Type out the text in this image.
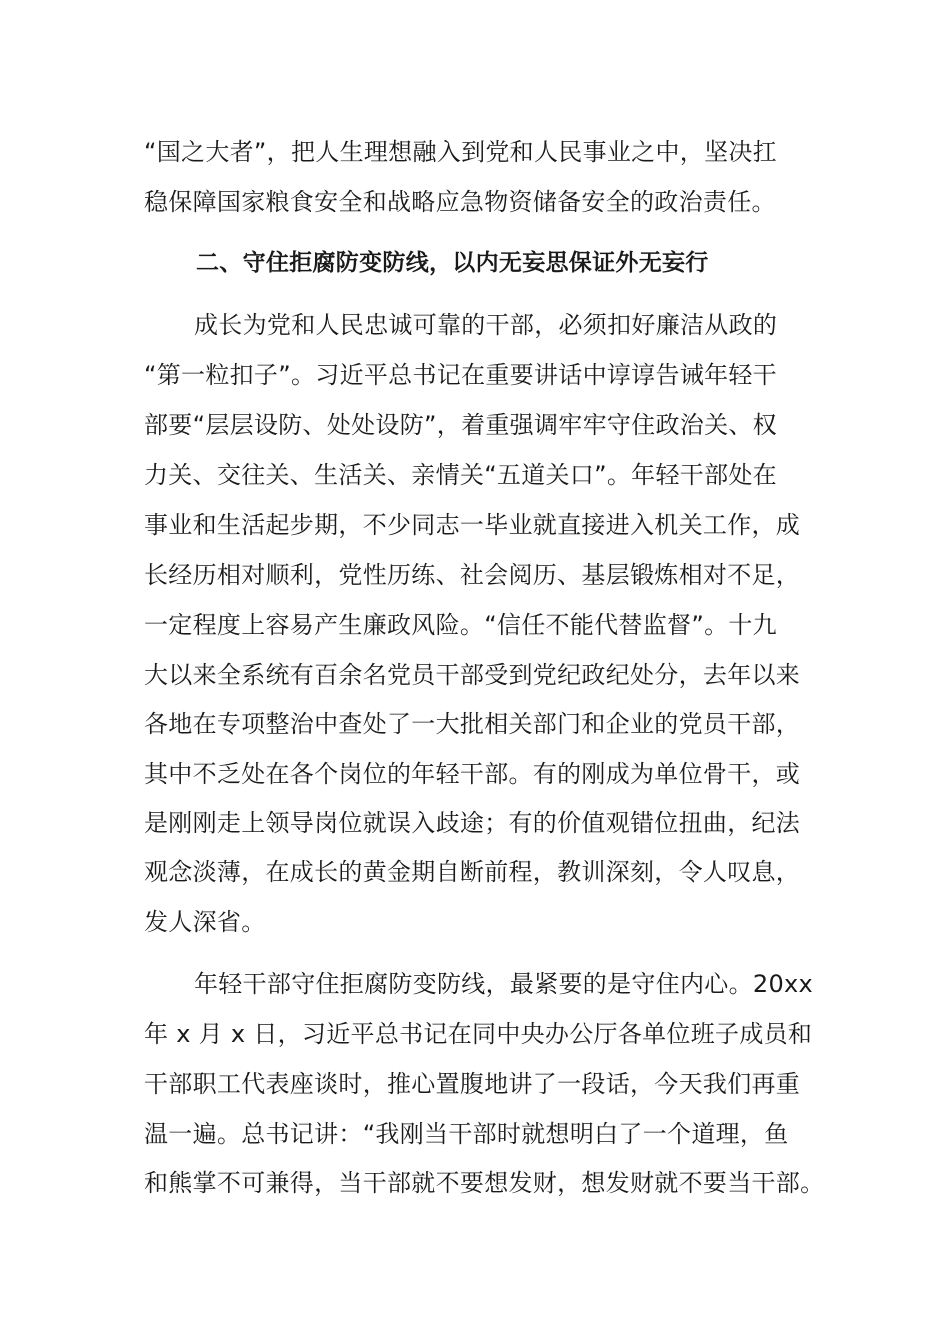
“国之大者”，把人生理想融入到党和人民事业之中，坚决扛
稳保障国家粮食安全和战略应急物资储备安全的政治责任。
二、守住拒腐防变防线，以内无妄思保证外无妄行
成长为党和人民忠诚可靠的干部，必须扣好廉洁从政的
“第一粒扣子”。习近平总书记在重要讲话中谆谆告诫年轻干
部要“层层设防、处处设防”，着重强调牢牢守住政治关、权
力关、交往关、生活关、亲情关“五道关口”。年轻干部处在
事业和生活起步期，不少同志一毕业就直接进入机关工作，成
长经历相对顺利，党性历练、社会阅历、基层锻炼相对不足，
一定程度上容易产生廉政风险。“信任不能代替监督”。十九
大以来全系统有百余名党员干部受到党纪政纪处分，去年以来
各地在专项整治中查处了一大批相关部门和企业的党员干部，
其中不乏处在各个岗位的年轻干部。有的刚成为单位骨干，或
是刚刚走上领导岗位就误入歧途；有的价值观错位扭曲，纪法
观念淡薄，在成长的黄金期自断前程，教训深刻，令人叹息，
发人深省。
年轻干部守住拒腐防变防线，最紧要的是守住内心。20xx
年 x 月 x 日，习近平总书记在同中央办公厅各单位班子成员和
干部职工代表座谈时，推心置腹地讲了一段话，今天我们再重
温一遍。总书记讲：“我刚当干部时就想明白了一个道理，鱼
和熊掌不可兼得，当干部就不要想发财，想发财就不要当干部。
